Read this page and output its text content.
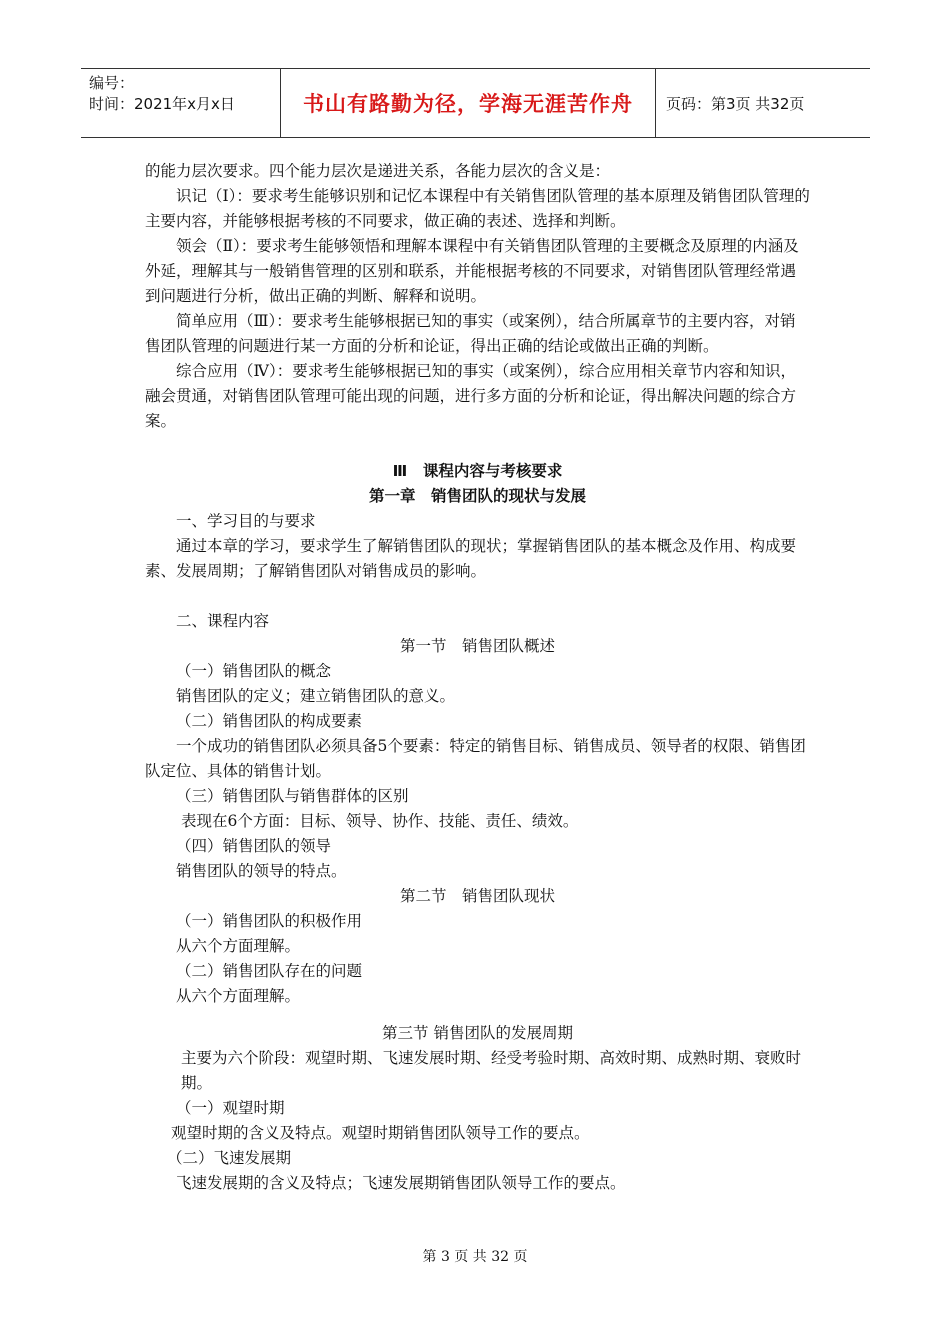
编号：
时间：2021年x月x日	书山有路勤为径，学海无涯苦作舟	页码：第3页 共32页

的能力层次要求。四个能力层次是递进关系，各能力层次的含义是：

识记（Ⅰ）：要求考生能够识别和记忆本课程中有关销售团队管理的基本原理及销售团队管理的主要内容，并能够根据考核的不同要求，做正确的表述、选择和判断。

领会（Ⅱ）：要求考生能够领悟和理解本课程中有关销售团队管理的主要概念及原理的内涵及外延，理解其与一般销售管理的区别和联系，并能根据考核的不同要求，对销售团队管理经常遇到问题进行分析，做出正确的判断、解释和说明。

简单应用（Ⅲ）：要求考生能够根据已知的事实（或案例），结合所属章节的主要内容，对销售团队管理的问题进行某一方面的分析和论证，得出正确的结论或做出正确的判断。

综合应用（Ⅳ）：要求考生能够根据已知的事实（或案例），综合应用相关章节内容和知识，融会贯通，对销售团队管理可能出现的问题，进行多方面的分析和论证，得出解决问题的综合方案。

Ⅲ　课程内容与考核要求

第一章　销售团队的现状与发展

一、学习目的与要求

通过本章的学习，要求学生了解销售团队的现状；掌握销售团队的基本概念及作用、构成要素、发展周期；了解销售团队对销售成员的影响。

二、课程内容

第一节　销售团队概述

（一）销售团队的概念

销售团队的定义；建立销售团队的意义。

（二）销售团队的构成要素

一个成功的销售团队必须具备5个要素：特定的销售目标、销售成员、领导者的权限、销售团队定位、具体的销售计划。

（三）销售团队与销售群体的区别

表现在6个方面：目标、领导、协作、技能、责任、绩效。

（四）销售团队的领导

销售团队的领导的特点。

第二节　销售团队现状

（一）销售团队的积极作用

从六个方面理解。

（二）销售团队存在的问题

从六个方面理解。

第三节 销售团队的发展周期

主要为六个阶段：观望时期、飞速发展时期、经受考验时期、高效时期、成熟时期、衰败时期。

（一）观望时期

观望时期的含义及特点。观望时期销售团队领导工作的要点。

（二）飞速发展期

飞速发展期的含义及特点；飞速发展期销售团队领导工作的要点。

第 3 页 共 32 页
